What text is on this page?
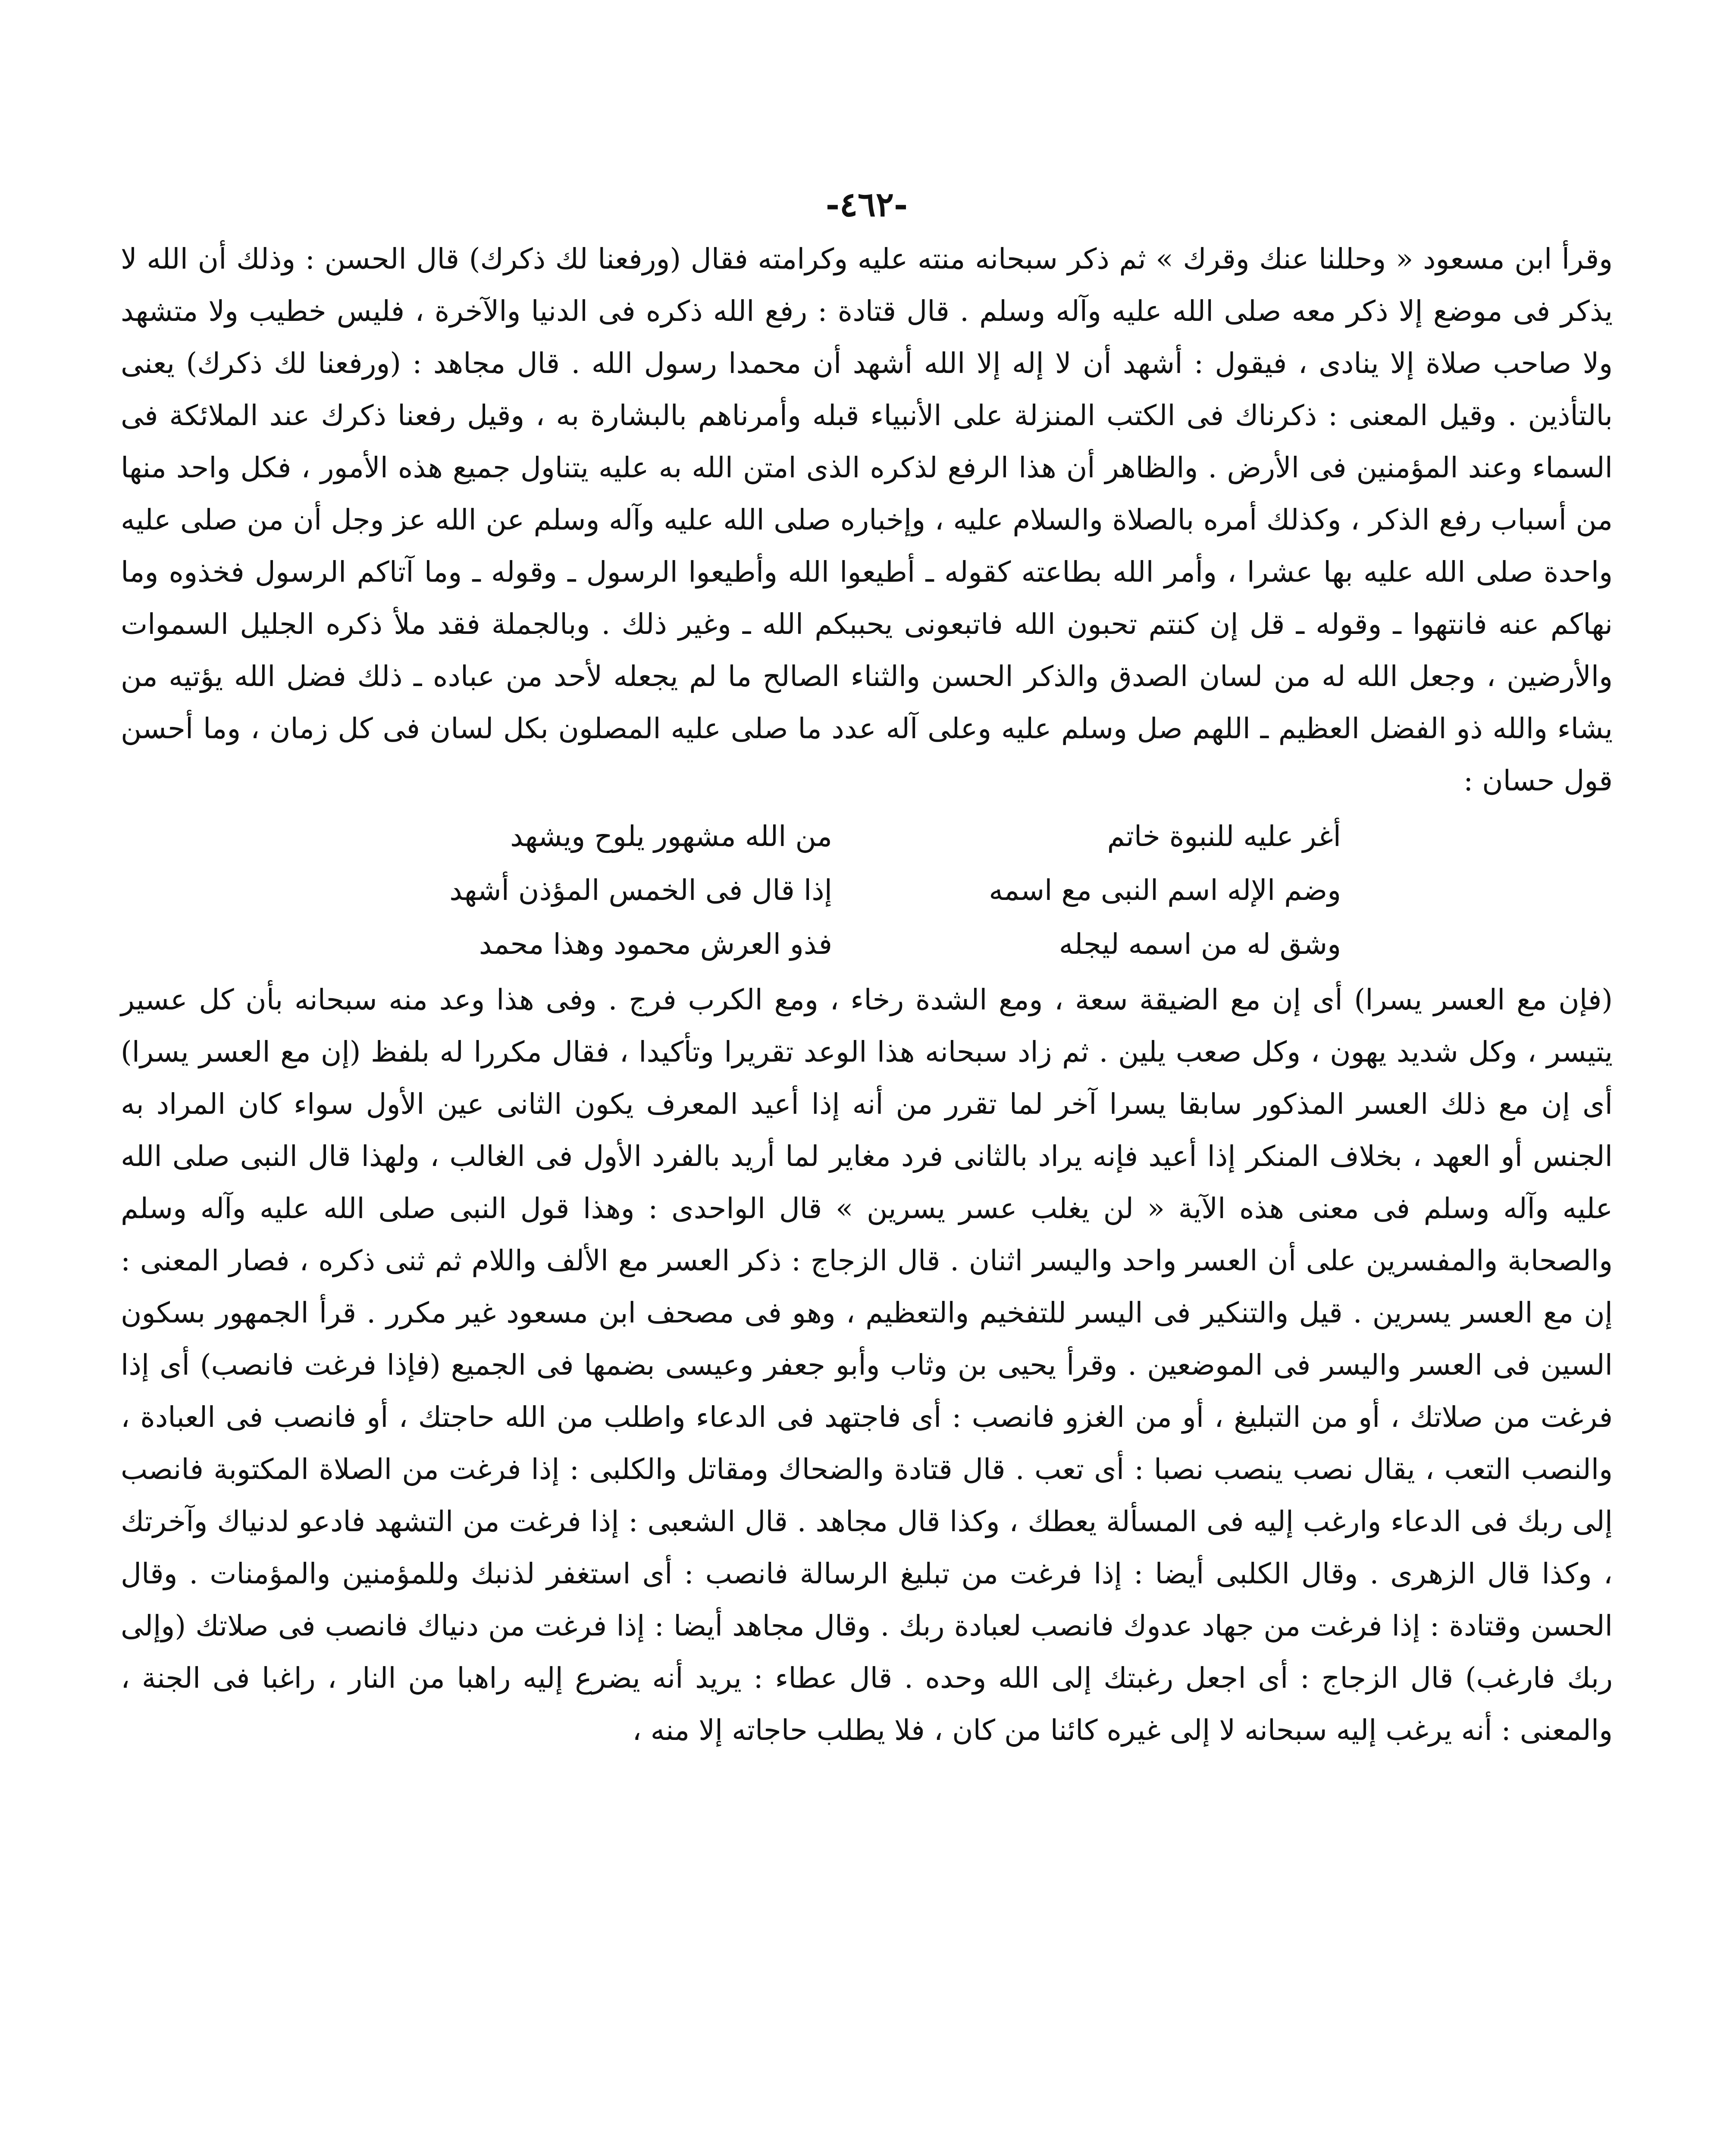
-٤٦٢-

وقرأ ابن مسعود « وحللنا عنك وقرك » ثم ذكر سبحانه منته عليه وكرامته فقال (ورفعنا لك ذكرك) قال الحسن : وذلك أن الله لا يذكر فى موضع إلا ذكر معه صلى الله عليه وآله وسلم . قال قتادة : رفع الله ذكره فى الدنيا والآخرة ، فليس خطيب ولا متشهد ولا صاحب صلاة إلا ينادى ، فيقول : أشهد أن لا إله إلا الله أشهد أن محمدا رسول الله . قال مجاهد : (ورفعنا لك ذكرك) يعنى بالتأذين . وقيل المعنى : ذكرناك فى الكتب المنزلة على الأنبياء قبله وأمرناهم بالبشارة به ، وقيل رفعنا ذكرك عند الملائكة فى السماء وعند المؤمنين فى الأرض . والظاهر أن هذا الرفع لذكره الذى امتن الله به عليه يتناول جميع هذه الأمور ، فكل واحد منها من أسباب رفع الذكر ، وكذلك أمره بالصلاة والسلام عليه ، وإخباره صلى الله عليه وآله وسلم عن الله عز وجل أن من صلى عليه واحدة صلى الله عليه بها عشرا ، وأمر الله بطاعته كقوله ـ أطيعوا الله وأطيعوا الرسول ـ وقوله ـ وما آتاكم الرسول فخذوه وما نهاكم عنه فانتهوا ـ وقوله ـ قل إن كنتم تحبون الله فاتبعونى يحببكم الله ـ وغير ذلك . وبالجملة فقد ملأ ذكره الجليل السموات والأرضين ، وجعل الله له من لسان الصدق والذكر الحسن والثناء الصالح ما لم يجعله لأحد من عباده ـ ذلك فضل الله يؤتيه من يشاء والله ذو الفضل العظيم ـ اللهم صل وسلم عليه وعلى آله عدد ما صلى عليه المصلون بكل لسان فى كل زمان ، وما أحسن قول حسان :

أغر عليه للنبوة خاتم
من الله مشهور يلوح ويشهد
وضم الإله اسم النبى مع اسمه
إذا قال فى الخمس المؤذن أشهد
وشق له من اسمه ليجله
فذو العرش محمود وهذا محمد

(فإن مع العسر يسرا) أى إن مع الضيقة سعة ، ومع الشدة رخاء ، ومع الكرب فرج . وفى هذا وعد منه سبحانه بأن كل عسير يتيسر ، وكل شديد يهون ، وكل صعب يلين . ثم زاد سبحانه هذا الوعد تقريرا وتأكيدا ، فقال مكررا له بلفظ (إن مع العسر يسرا) أى إن مع ذلك العسر المذكور سابقا يسرا آخر لما تقرر من أنه إذا أعيد المعرف يكون الثانى عين الأول سواء كان المراد به الجنس أو العهد ، بخلاف المنكر إذا أعيد فإنه يراد بالثانى فرد مغاير لما أريد بالفرد الأول فى الغالب ، ولهذا قال النبى صلى الله عليه وآله وسلم فى معنى هذه الآية « لن يغلب عسر يسرين » قال الواحدى : وهذا قول النبى صلى الله عليه وآله وسلم والصحابة والمفسرين على أن العسر واحد واليسر اثنان . قال الزجاج : ذكر العسر مع الألف واللام ثم ثنى ذكره ، فصار المعنى : إن مع العسر يسرين . قيل والتنكير فى اليسر للتفخيم والتعظيم ، وهو فى مصحف ابن مسعود غير مكرر . قرأ الجمهور بسكون السين فى العسر واليسر فى الموضعين . وقرأ يحيى بن وثاب وأبو جعفر وعيسى بضمها فى الجميع (فإذا فرغت فانصب) أى إذا فرغت من صلاتك ، أو من التبليغ ، أو من الغزو فانصب : أى فاجتهد فى الدعاء واطلب من الله حاجتك ، أو فانصب فى العبادة ، والنصب التعب ، يقال نصب ينصب نصبا : أى تعب . قال قتادة والضحاك ومقاتل والكلبى : إذا فرغت من الصلاة المكتوبة فانصب إلى ربك فى الدعاء وارغب إليه فى المسألة يعطك ، وكذا قال مجاهد . قال الشعبى : إذا فرغت من التشهد فادعو لدنياك وآخرتك ، وكذا قال الزهرى . وقال الكلبى أيضا : إذا فرغت من تبليغ الرسالة فانصب : أى استغفر لذنبك وللمؤمنين والمؤمنات . وقال الحسن وقتادة : إذا فرغت من جهاد عدوك فانصب لعبادة ربك . وقال مجاهد أيضا : إذا فرغت من دنياك فانصب فى صلاتك (وإلى ربك فارغب) قال الزجاج : أى اجعل رغبتك إلى الله وحده . قال عطاء : يريد أنه يضرع إليه راهبا من النار ، راغبا فى الجنة ، والمعنى : أنه يرغب إليه سبحانه لا إلى غيره كائنا من كان ، فلا يطلب حاجاته إلا منه ،
